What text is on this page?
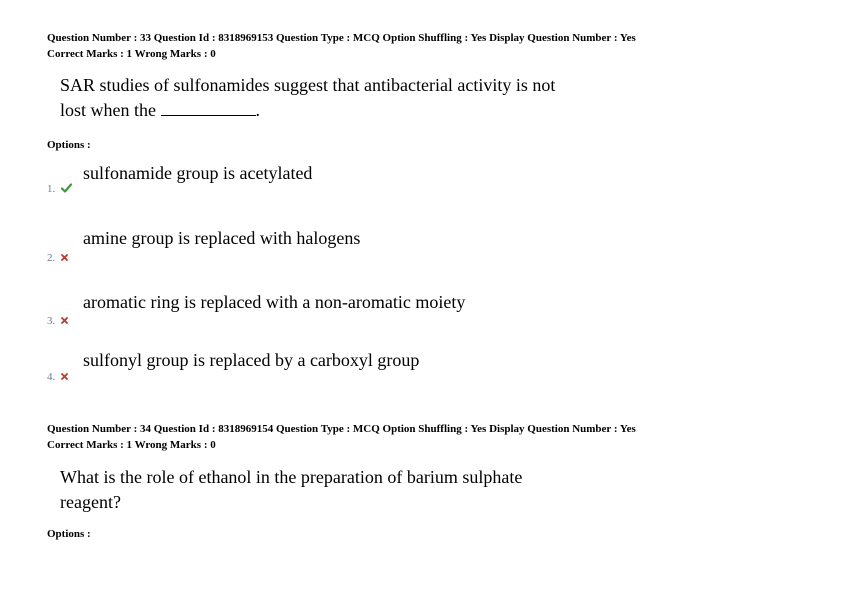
Question Number : 33 Question Id : 8318969153 Question Type : MCQ Option Shuffling : Yes Display Question Number : Yes
Correct Marks : 1 Wrong Marks : 0
SAR studies of sulfonamides suggest that antibacterial activity is not
lost when the	.
Options :
sulfonamide group is acetylated
1.
amine group is replaced with halogens
2.
aromatic ring is replaced with a non-aromatic moiety
3.
sulfonyl group is replaced by a carboxyl group
4.
Question Number : 34 Question Id : 8318969154 Question Type : MCQ Option Shuffling : Yes Display Question Number : Yes
Correct Marks : 1 Wrong Marks : 0
What is the role of ethanol in the preparation of barium sulphate
reagent?
Options :
